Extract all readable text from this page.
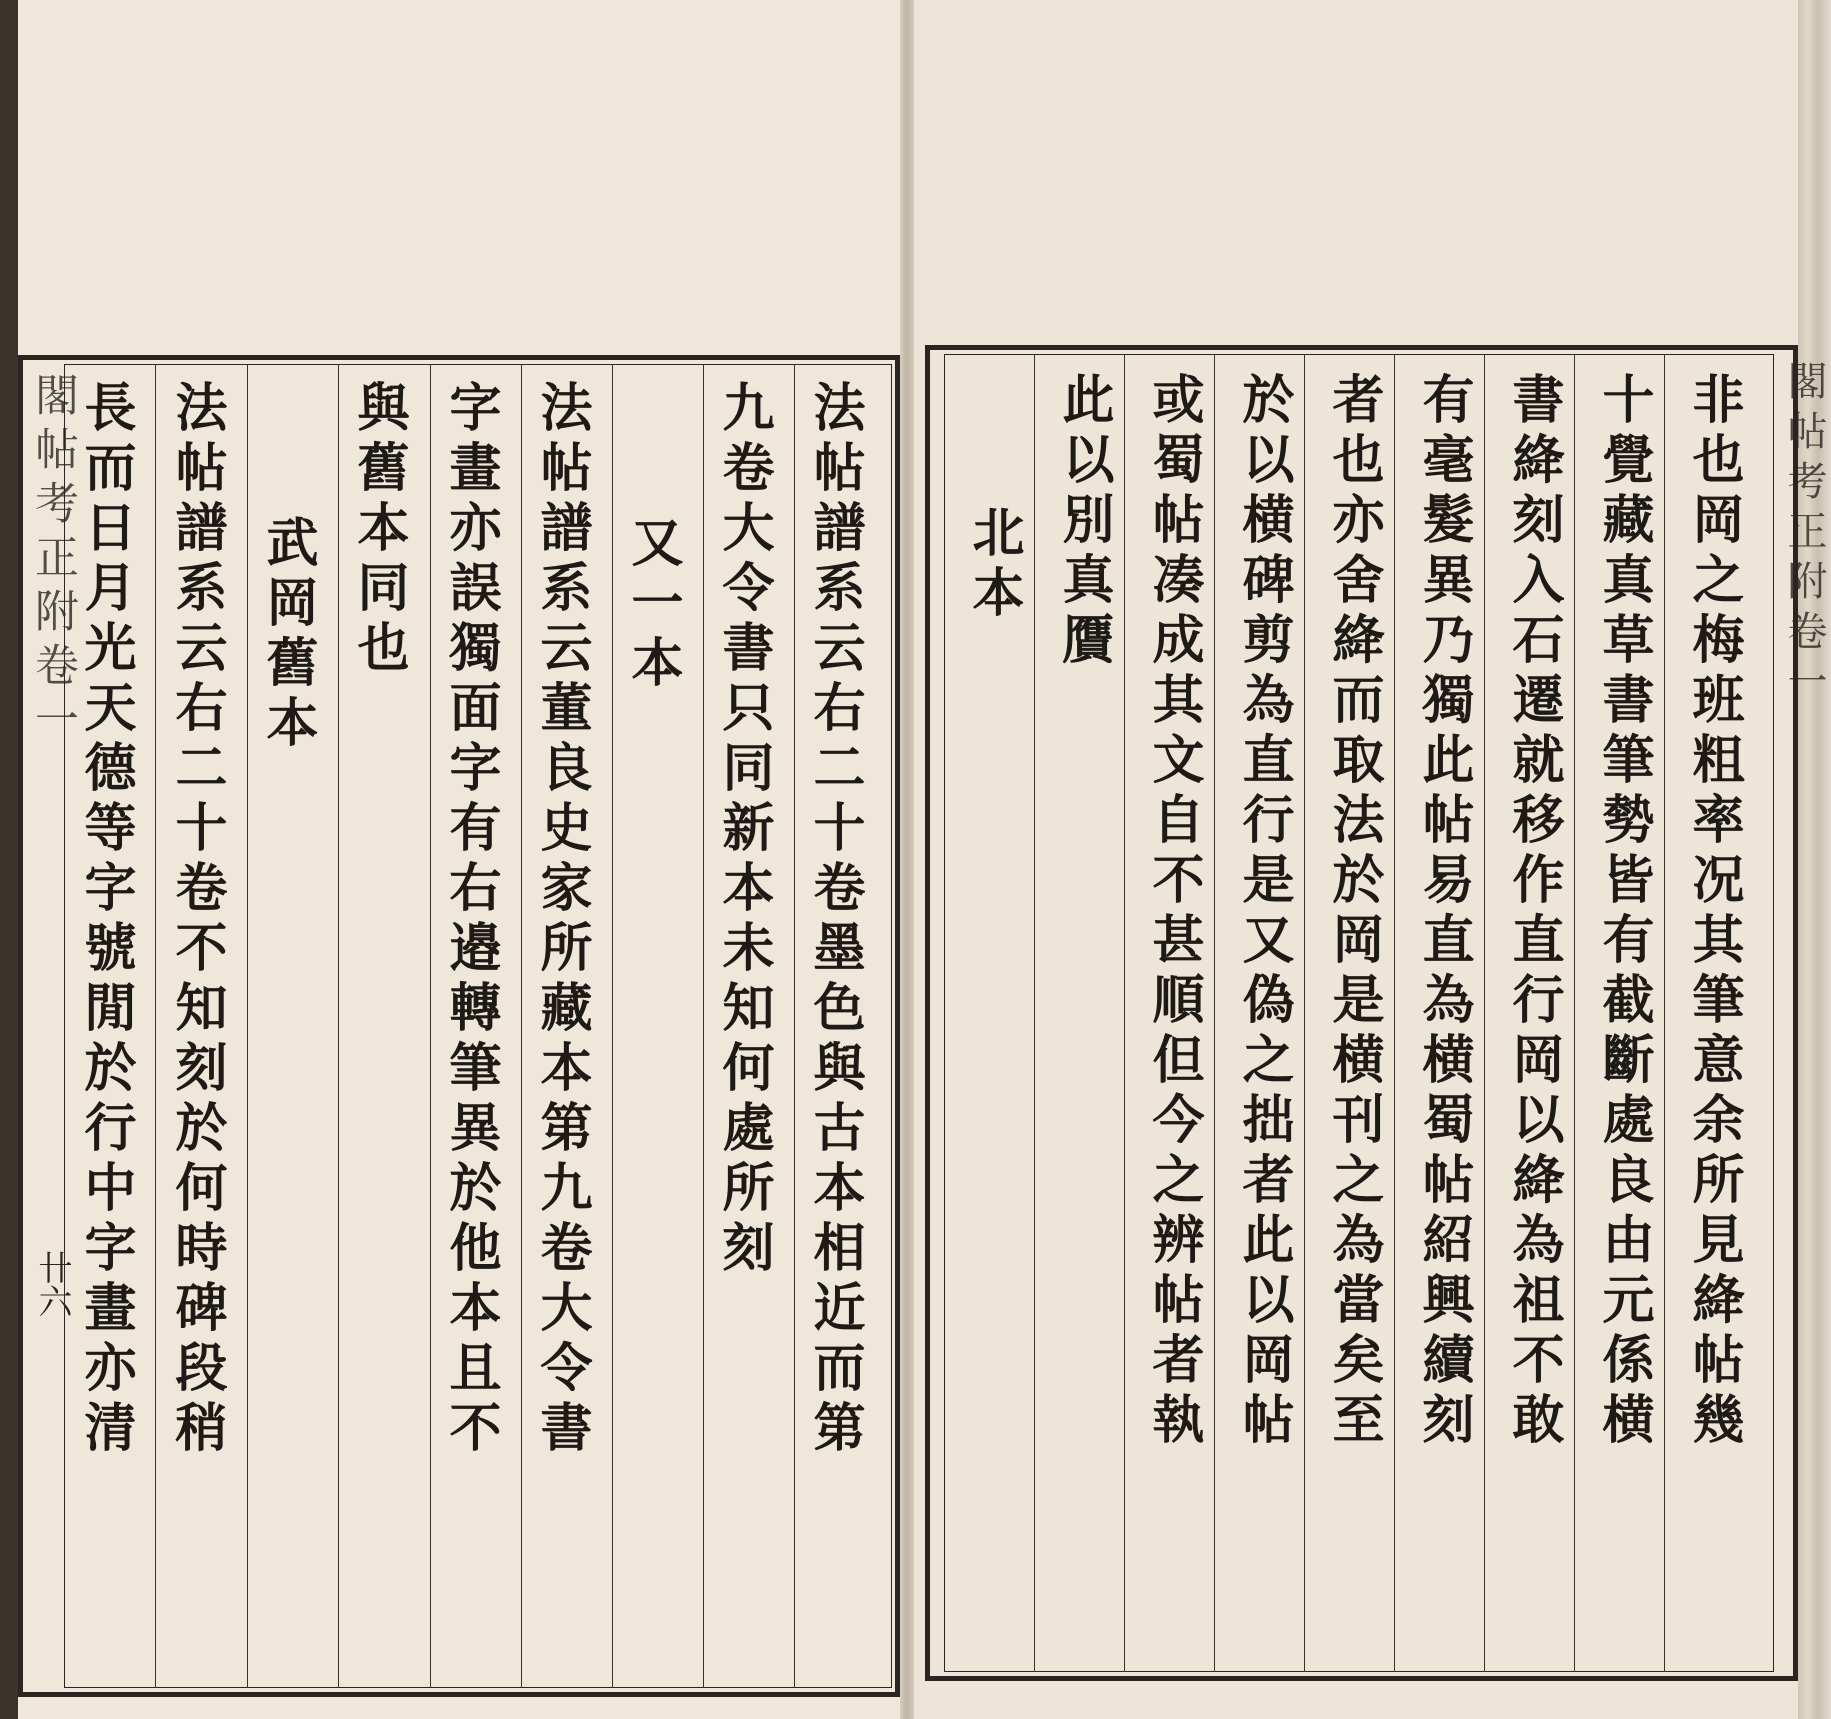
閣帖考正附卷一
卄六	法帖譜系云右二十卷墨色與古本相近而第
九卷大令書只同新本未知何處所刻
又一本
法帖譜系云董良史家所藏本第九卷大令書
字畫亦誤獨面字有右邉轉筆異於他本且不
與舊本同也
武岡舊本
法帖譜系云右二十卷不知刻於何時碑段稍
長而日月光天德等字號閒於行中字畫亦清	非也岡之梅班粗率况其筆意余所見絳帖幾
十覺藏真草書筆勢皆有截斷處良由元係横
書絳刻入石遷就移作直行岡以絳為祖不敢
有毫髮異乃獨此帖易直為横蜀帖紹興續刻
者也亦舍絳而取法於岡是横刊之為當矣至
於以横碑剪為直行是又偽之拙者此以岡帖
或蜀帖凑成其文自不甚順但今之辨帖者執
此以別真贋
北本	閣帖考正附卷一
